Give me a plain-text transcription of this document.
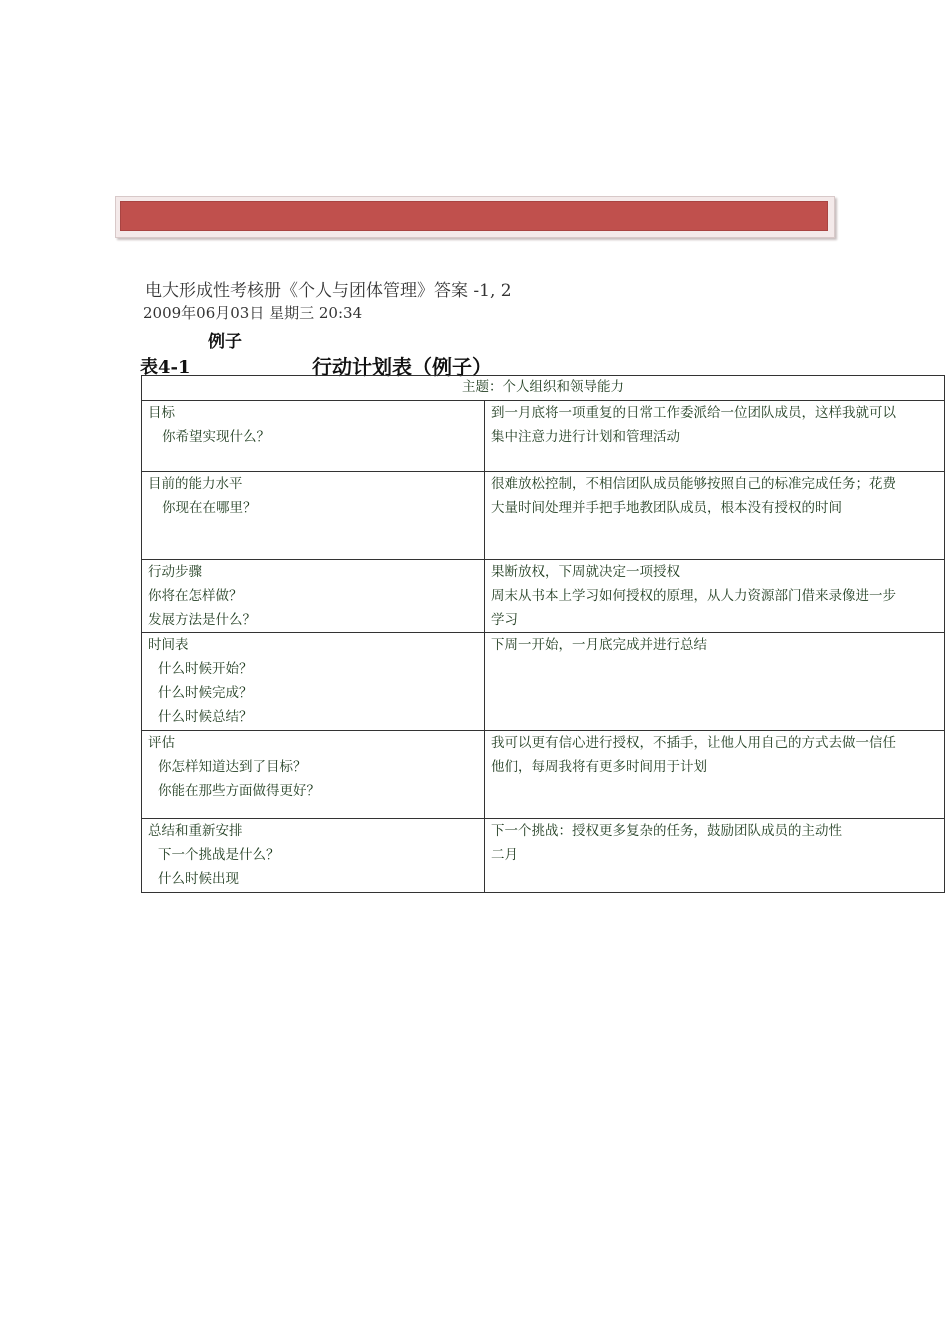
电大形成性考核册《个人与团体管理》答案 -1, 2
2009年06月03日 星期三 20:34
例子
表4-1	行动计划表（例子）
主题：个人组织和领导能力	

目标
你希望实现什么？	到一月底将一项重复的日常工作委派给一位团队成员，这样我就可以
集中注意力进行计划和管理活动

目前的能力水平
你现在在哪里？	很难放松控制，不相信团队成员能够按照自己的标准完成任务；花费
大量时间处理并手把手地教团队成员，根本没有授权的时间

行动步骤
你将在怎样做？
发展方法是什么？	果断放权，下周就决定一项授权
周末从书本上学习如何授权的原理，从人力资源部门借来录像进一步
学习

时间表
什么时候开始？
什么时候完成？
什么时候总结？	下周一开始，一月底完成并进行总结

评估
你怎样知道达到了目标？
你能在那些方面做得更好？	我可以更有信心进行授权，不插手，让他人用自己的方式去做一信任
他们，每周我将有更多时间用于计划

总结和重新安排
下一个挑战是什么？
什么时候出现	下一个挑战：授权更多复杂的任务，鼓励团队成员的主动性
二月
